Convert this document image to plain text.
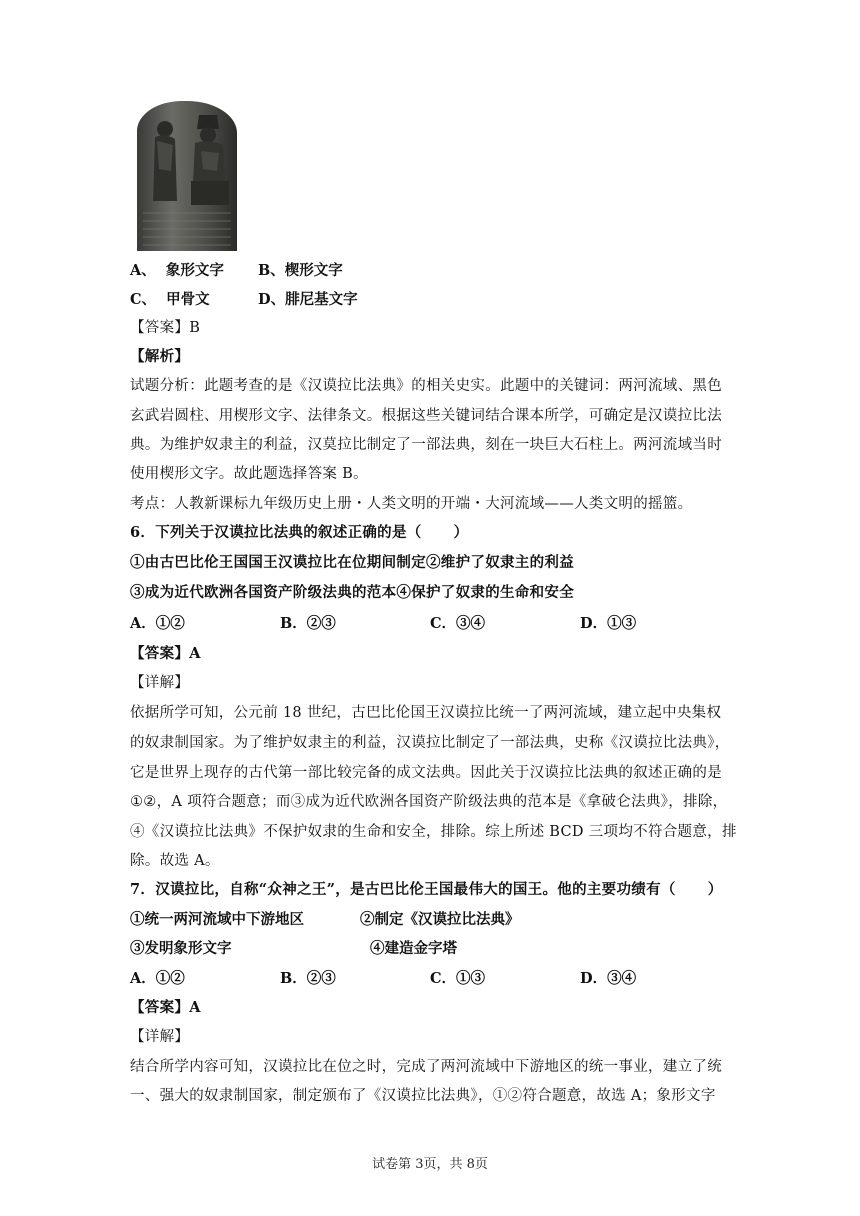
A、  象形文字 B、楔形文字
C、  甲骨文	D、腓尼基文字
【答案】B
【解析】
试题分析：此题考查的是《汉谟拉比法典》的相关史实。此题中的关键词：两河流域、黑色
玄武岩圆柱、用楔形文字、法律条文。根据这些关键词结合课本所学，可确定是汉谟拉比法
典。为维护奴隶主的利益，汉莫拉比制定了一部法典，刻在一块巨大石柱上。两河流域当时
使用楔形文字。故此题选择答案 B。
考点：人教新课标九年级历史上册・人类文明的开端・大河流域——人类文明的摇篮。
6．下列关于汉谟拉比法典的叙述正确的是（      ）
①由古巴比伦王国国王汉谟拉比在位期间制定②维护了奴隶主的利益
③成为近代欧洲各国资产阶级法典的范本④保护了奴隶的生命和安全
A．①②	B．②③	C．③④	D．①③
【答案】A
【详解】
依据所学可知，公元前 18 世纪，古巴比伦国王汉谟拉比统一了两河流域，建立起中央集权
的奴隶制国家。为了维护奴隶主的利益，汉谟拉比制定了一部法典，史称《汉谟拉比法典》，
它是世界上现存的古代第一部比较完备的成文法典。因此关于汉谟拉比法典的叙述正确的是
①②，A 项符合题意；而③成为近代欧洲各国资产阶级法典的范本是《拿破仑法典》，排除，
④《汉谟拉比法典》不保护奴隶的生命和安全，排除。综上所述 BCD 三项均不符合题意，排
除。故选 A。
7．汉谟拉比，自称“众神之王”，是古巴比伦王国最伟大的国王。他的主要功绩有（      ）
①统一两河流域中下游地区	②制定《汉谟拉比法典》
③发明象形文字	④建造金字塔
A．①②	B．②③	C．①③	D．③④
【答案】A
【详解】
结合所学内容可知，汉谟拉比在位之时，完成了两河流域中下游地区的统一事业，建立了统
一、强大的奴隶制国家，制定颁布了《汉谟拉比法典》，①②符合题意，故选 A；象形文字
试卷第 3页，共 8页
